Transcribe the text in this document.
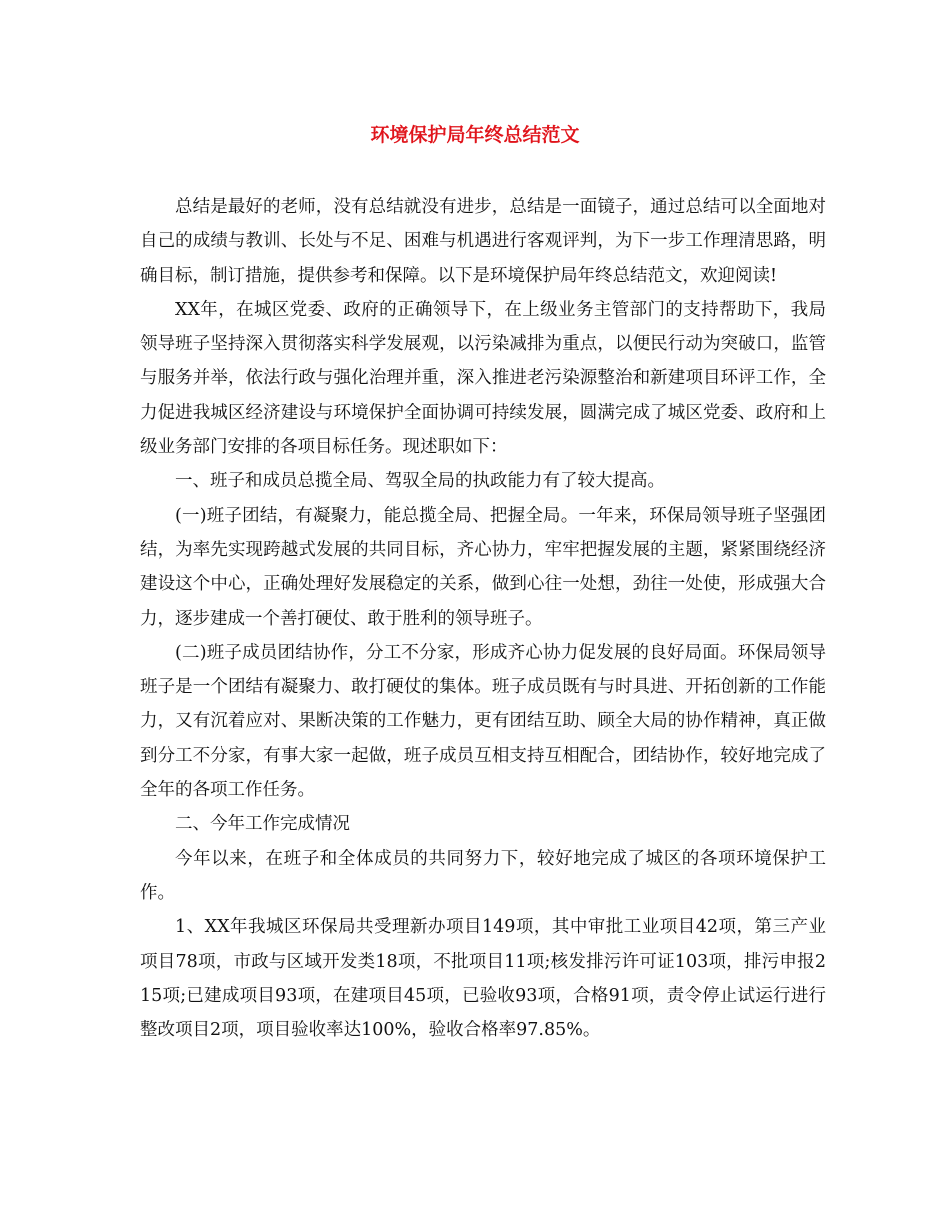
环境保护局年终总结范文

总结是最好的老师，没有总结就没有进步，总结是一面镜子，通过总结可以全面地对自己的成绩与教训、长处与不足、困难与机遇进行客观评判，为下一步工作理清思路，明确目标，制订措施，提供参考和保障。以下是环境保护局年终总结范文，欢迎阅读!

XX年，在城区党委、政府的正确领导下，在上级业务主管部门的支持帮助下，我局领导班子坚持深入贯彻落实科学发展观，以污染减排为重点，以便民行动为突破口，监管与服务并举，依法行政与强化治理并重，深入推进老污染源整治和新建项目环评工作，全力促进我城区经济建设与环境保护全面协调可持续发展，圆满完成了城区党委、政府和上级业务部门安排的各项目标任务。现述职如下：

一、班子和成员总揽全局、驾驭全局的执政能力有了较大提高。

(一)班子团结，有凝聚力，能总揽全局、把握全局。一年来，环保局领导班子坚强团结，为率先实现跨越式发展的共同目标，齐心协力，牢牢把握发展的主题，紧紧围绕经济建设这个中心，正确处理好发展稳定的关系，做到心往一处想，劲往一处使，形成强大合力，逐步建成一个善打硬仗、敢于胜利的领导班子。

(二)班子成员团结协作，分工不分家，形成齐心协力促发展的良好局面。环保局领导班子是一个团结有凝聚力、敢打硬仗的集体。班子成员既有与时具进、开拓创新的工作能力，又有沉着应对、果断决策的工作魅力，更有团结互助、顾全大局的协作精神，真正做到分工不分家，有事大家一起做，班子成员互相支持互相配合，团结协作，较好地完成了全年的各项工作任务。

二、今年工作完成情况

今年以来，在班子和全体成员的共同努力下，较好地完成了城区的各项环境保护工作。

1、XX年我城区环保局共受理新办项目149项，其中审批工业项目42项，第三产业项目78项，市政与区域开发类18项，不批项目11项;核发排污许可证103项，排污申报215项;已建成项目93项，在建项目45项，已验收93项，合格91项，责令停止试运行进行整改项目2项，项目验收率达100%，验收合格率97.85%。
